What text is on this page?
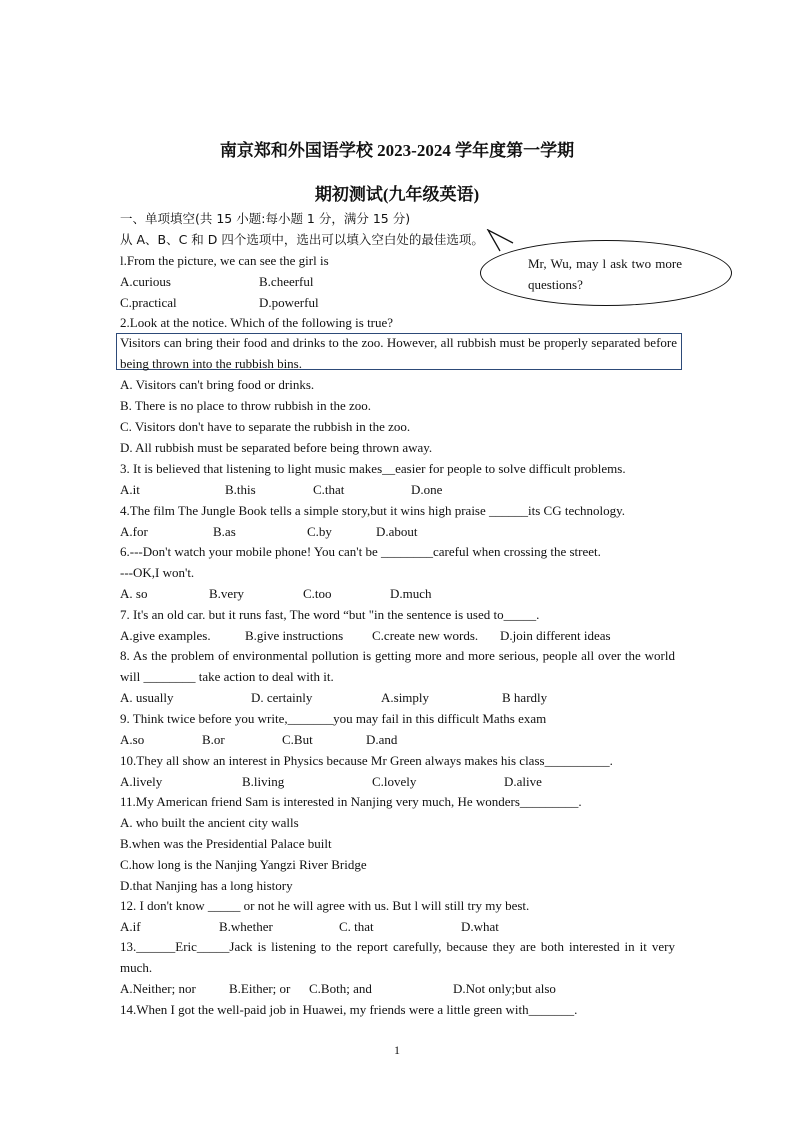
南京郑和外国语学校 2023-2024 学年度第一学期
期初测试(九年级英语)
一、单项填空(共 15 小题:每小题 1 分，满分 15 分)
从 A、B、C 和 D 四个选项中，选出可以填入空白处的最佳选项。
Mr, Wu, may l ask two more questions?
l.From the picture, we can see the girl is
A.curious	B.cheerful
C.practical	D.powerful
2.Look at the notice. Which of the following is true?
Visitors can bring their food and drinks to the zoo. However, all rubbish must be properly separated before being thrown into the rubbish bins.
A. Visitors can't bring food or drinks.
B. There is no place to throw rubbish in the zoo.
C. Visitors don't have to separate the rubbish in the zoo.
D. All rubbish must be separated before being thrown away.
3. It is believed that listening to light music makes__easier for people to solve difficult problems.
A.it	B.this	C.that	D.one
4.The film The Jungle Book tells a simple story,but it wins high praise ______its CG technology.
A.for	B.as	C.by	D.about
6.---Don't watch your mobile phone! You can't be ________careful when crossing the street.
---OK,I won't.
A. so	B.very	C.too	D.much
7. It's an old car. but it runs fast, The word “but "in the sentence is used to_____.
A.give examples.	B.give instructions C.create new words. D.join different ideas
8. As the problem of environmental pollution is getting more and more serious, people all over the world will ________ take action to deal with it.
A. usually	D. certainly	A.simply	B hardly
9. Think twice before you write,_______you may fail in this difficult Maths exam
A.so	B.or	C.But	D.and
10.They all show an interest in Physics because Mr Green always makes his class__________.
A.lively	B.living	C.lovely	D.alive
11.My American friend Sam is interested in Nanjing very much, He wonders_________.
A. who built the ancient city walls
B.when was the Presidential Palace built
C.how long is the Nanjing Yangzi River Bridge
D.that Nanjing has a long history
12. I don't know _____ or not he will agree with us. But l will still try my best.
A.if	B.whether	C. that	D.what
13.______Eric_____Jack is listening to the report carefully, because they are both interested in it very much.
A.Neither; nor	B.Either; or C.Both; and	D.Not only;but also
14.When I got the well-paid job in Huawei, my friends were a little green with_______.
1
